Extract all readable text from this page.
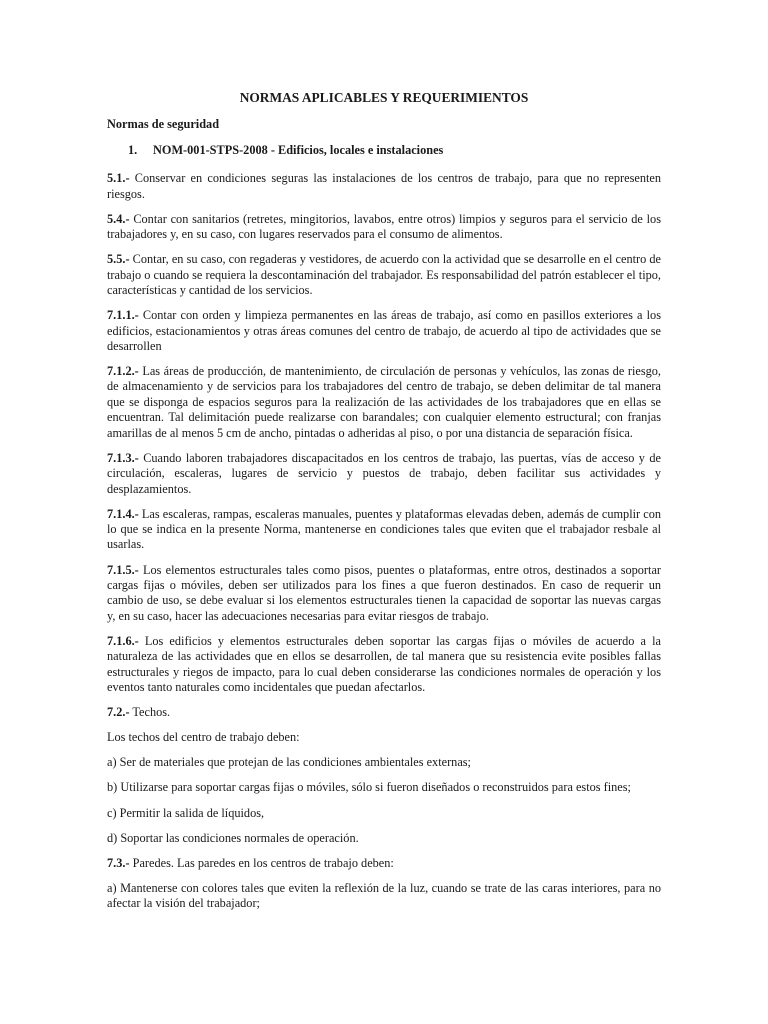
NORMAS APLICABLES Y REQUERIMIENTOS
Normas de seguridad
1. NOM-001-STPS-2008 - Edificios, locales e instalaciones

5.1.- Conservar en condiciones seguras las instalaciones de los centros de trabajo, para que no representen riesgos.

5.4.- Contar con sanitarios (retretes, mingitorios, lavabos, entre otros) limpios y seguros para el servicio de los trabajadores y, en su caso, con lugares reservados para el consumo de alimentos.

5.5.- Contar, en su caso, con regaderas y vestidores, de acuerdo con la actividad que se desarrolle en el centro de trabajo o cuando se requiera la descontaminación del trabajador. Es responsabilidad del patrón establecer el tipo, características y cantidad de los servicios.

7.1.1.- Contar con orden y limpieza permanentes en las áreas de trabajo, así como en pasillos exteriores a los edificios, estacionamientos y otras áreas comunes del centro de trabajo, de acuerdo al tipo de actividades que se desarrollen

7.1.2.- Las áreas de producción, de mantenimiento, de circulación de personas y vehículos, las zonas de riesgo, de almacenamiento y de servicios para los trabajadores del centro de trabajo, se deben delimitar de tal manera que se disponga de espacios seguros para la realización de las actividades de los trabajadores que en ellas se encuentran. Tal delimitación puede realizarse con barandales; con cualquier elemento estructural; con franjas amarillas de al menos 5 cm de ancho, pintadas o adheridas al piso, o por una distancia de separación física.

7.1.3.- Cuando laboren trabajadores discapacitados en los centros de trabajo, las puertas, vías de acceso y de circulación, escaleras, lugares de servicio y puestos de trabajo, deben facilitar sus actividades y desplazamientos.

7.1.4.- Las escaleras, rampas, escaleras manuales, puentes y plataformas elevadas deben, además de cumplir con lo que se indica en la presente Norma, mantenerse en condiciones tales que eviten que el trabajador resbale al usarlas.

7.1.5.- Los elementos estructurales tales como pisos, puentes o plataformas, entre otros, destinados a soportar cargas fijas o móviles, deben ser utilizados para los fines a que fueron destinados. En caso de requerir un cambio de uso, se debe evaluar si los elementos estructurales tienen la capacidad de soportar las nuevas cargas y, en su caso, hacer las adecuaciones necesarias para evitar riesgos de trabajo.

7.1.6.- Los edificios y elementos estructurales deben soportar las cargas fijas o móviles de acuerdo a la naturaleza de las actividades que en ellos se desarrollen, de tal manera que su resistencia evite posibles fallas estructurales y riegos de impacto, para lo cual deben considerarse las condiciones normales de operación y los eventos tanto naturales como incidentales que puedan afectarlos.

7.2.- Techos.

Los techos del centro de trabajo deben:

a) Ser de materiales que protejan de las condiciones ambientales externas;

b) Utilizarse para soportar cargas fijas o móviles, sólo si fueron diseñados o reconstruidos para estos fines;

c) Permitir la salida de líquidos,

d) Soportar las condiciones normales de operación.

7.3.- Paredes. Las paredes en los centros de trabajo deben:

a) Mantenerse con colores tales que eviten la reflexión de la luz, cuando se trate de las caras interiores, para no afectar la visión del trabajador;
